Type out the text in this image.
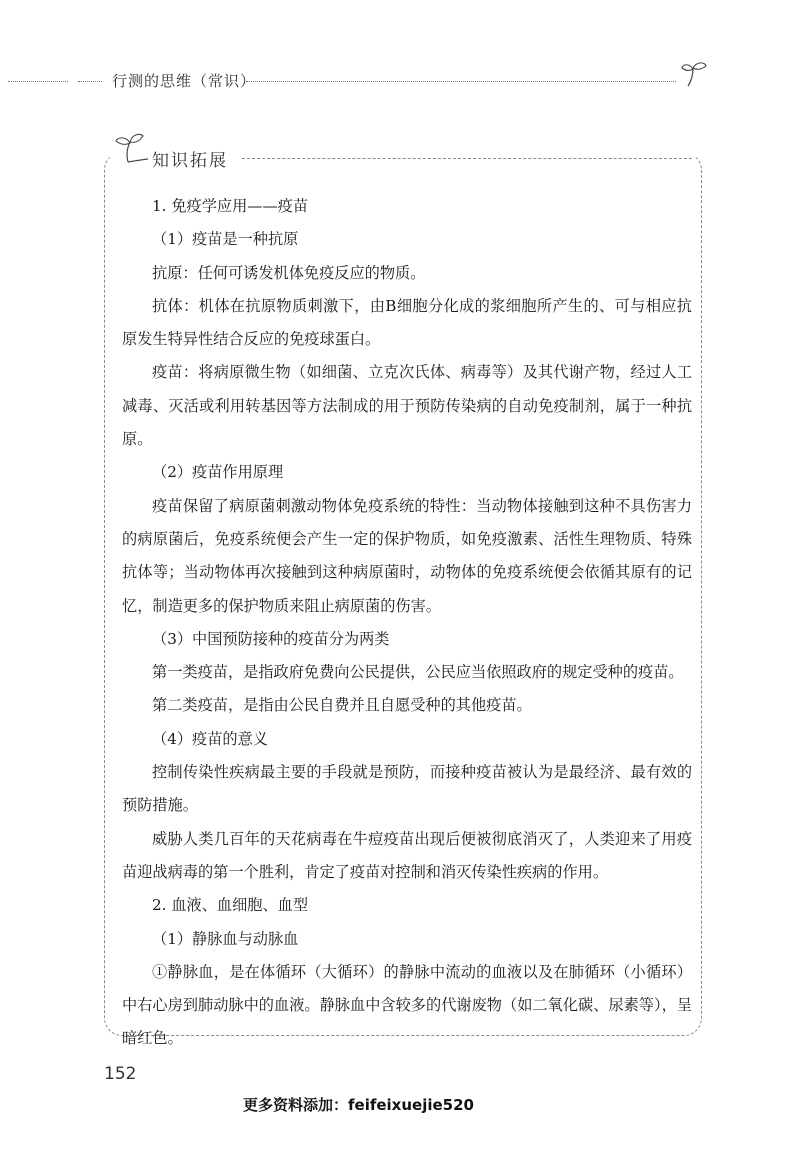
行测的思维（常识）
知识拓展

1. 免疫学应用——疫苗

（1）疫苗是一种抗原

抗原：任何可诱发机体免疫反应的物质。

抗体：机体在抗原物质刺激下，由B细胞分化成的浆细胞所产生的、可与相应抗原发生特异性结合反应的免疫球蛋白。

疫苗：将病原微生物（如细菌、立克次氏体、病毒等）及其代谢产物，经过人工减毒、灭活或利用转基因等方法制成的用于预防传染病的自动免疫制剂，属于一种抗原。

（2）疫苗作用原理

疫苗保留了病原菌刺激动物体免疫系统的特性：当动物体接触到这种不具伤害力的病原菌后，免疫系统便会产生一定的保护物质，如免疫激素、活性生理物质、特殊抗体等；当动物体再次接触到这种病原菌时，动物体的免疫系统便会依循其原有的记忆，制造更多的保护物质来阻止病原菌的伤害。

（3）中国预防接种的疫苗分为两类

第一类疫苗，是指政府免费向公民提供，公民应当依照政府的规定受种的疫苗。

第二类疫苗，是指由公民自费并且自愿受种的其他疫苗。

（4）疫苗的意义

控制传染性疾病最主要的手段就是预防，而接种疫苗被认为是最经济、最有效的预防措施。

威胁人类几百年的天花病毒在牛痘疫苗出现后便被彻底消灭了，人类迎来了用疫苗迎战病毒的第一个胜利，肯定了疫苗对控制和消灭传染性疾病的作用。

2. 血液、血细胞、血型

（1）静脉血与动脉血

①静脉血，是在体循环（大循环）的静脉中流动的血液以及在肺循环（小循环）中右心房到肺动脉中的血液。静脉血中含较多的代谢废物（如二氧化碳、尿素等），呈暗红色。

152
更多资料添加：feifeixuejie520
